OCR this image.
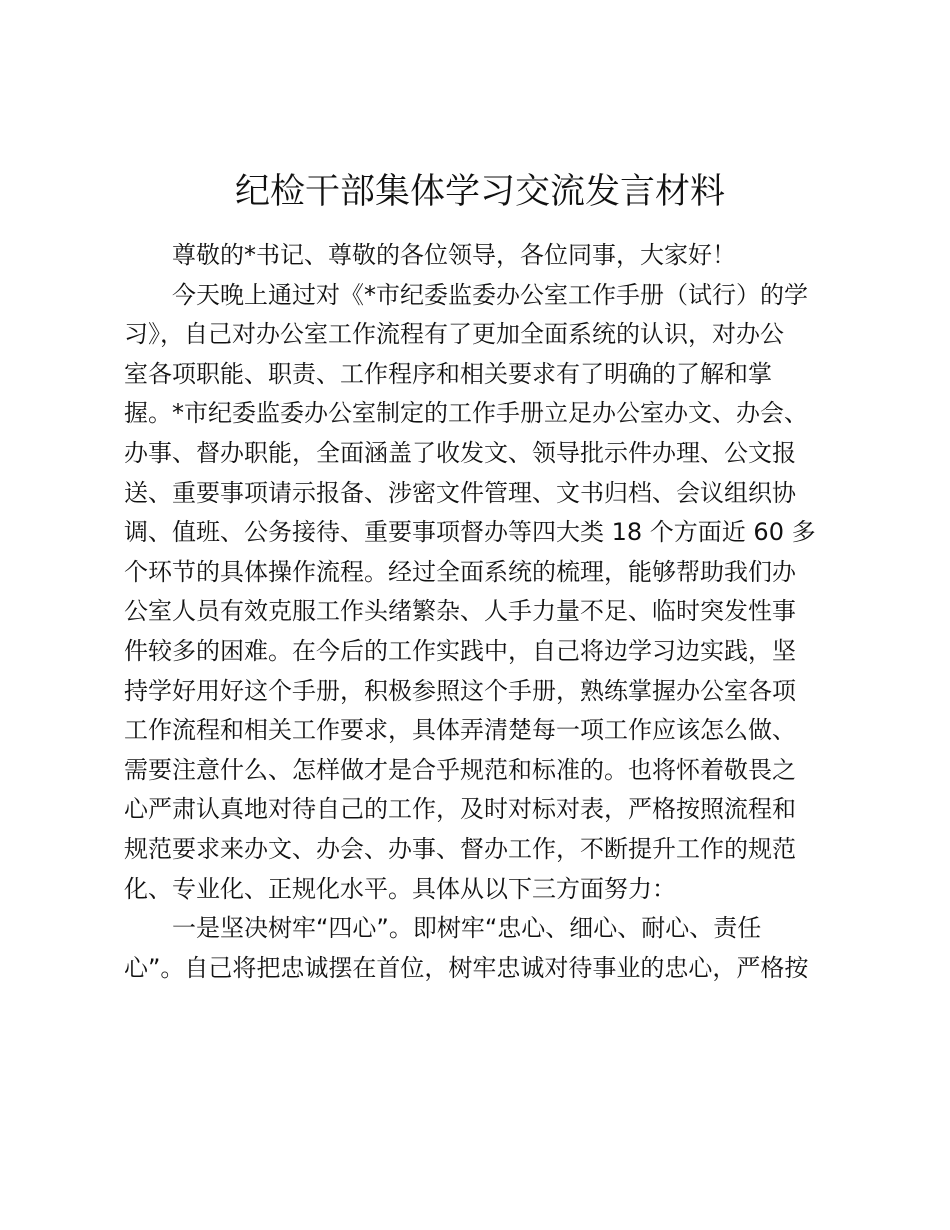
纪检干部集体学习交流发言材料
尊敬的*书记、尊敬的各位领导，各位同事，大家好！
今天晚上通过对《*市纪委监委办公室工作手册（试行）的学
习》，自己对办公室工作流程有了更加全面系统的认识，对办公
室各项职能、职责、工作程序和相关要求有了明确的了解和掌
握。*市纪委监委办公室制定的工作手册立足办公室办文、办会、
办事、督办职能，全面涵盖了收发文、领导批示件办理、公文报
送、重要事项请示报备、涉密文件管理、文书归档、会议组织协
调、值班、公务接待、重要事项督办等四大类 18 个方面近 60 多
个环节的具体操作流程。经过全面系统的梳理，能够帮助我们办
公室人员有效克服工作头绪繁杂、人手力量不足、临时突发性事
件较多的困难。在今后的工作实践中，自己将边学习边实践，坚
持学好用好这个手册，积极参照这个手册，熟练掌握办公室各项
工作流程和相关工作要求，具体弄清楚每一项工作应该怎么做、
需要注意什么、怎样做才是合乎规范和标准的。也将怀着敬畏之
心严肃认真地对待自己的工作，及时对标对表，严格按照流程和
规范要求来办文、办会、办事、督办工作，不断提升工作的规范
化、专业化、正规化水平。具体从以下三方面努力：
一是坚决树牢“四心”。即树牢“忠心、细心、耐心、责任
心”。自己将把忠诚摆在首位，树牢忠诚对待事业的忠心，严格按
